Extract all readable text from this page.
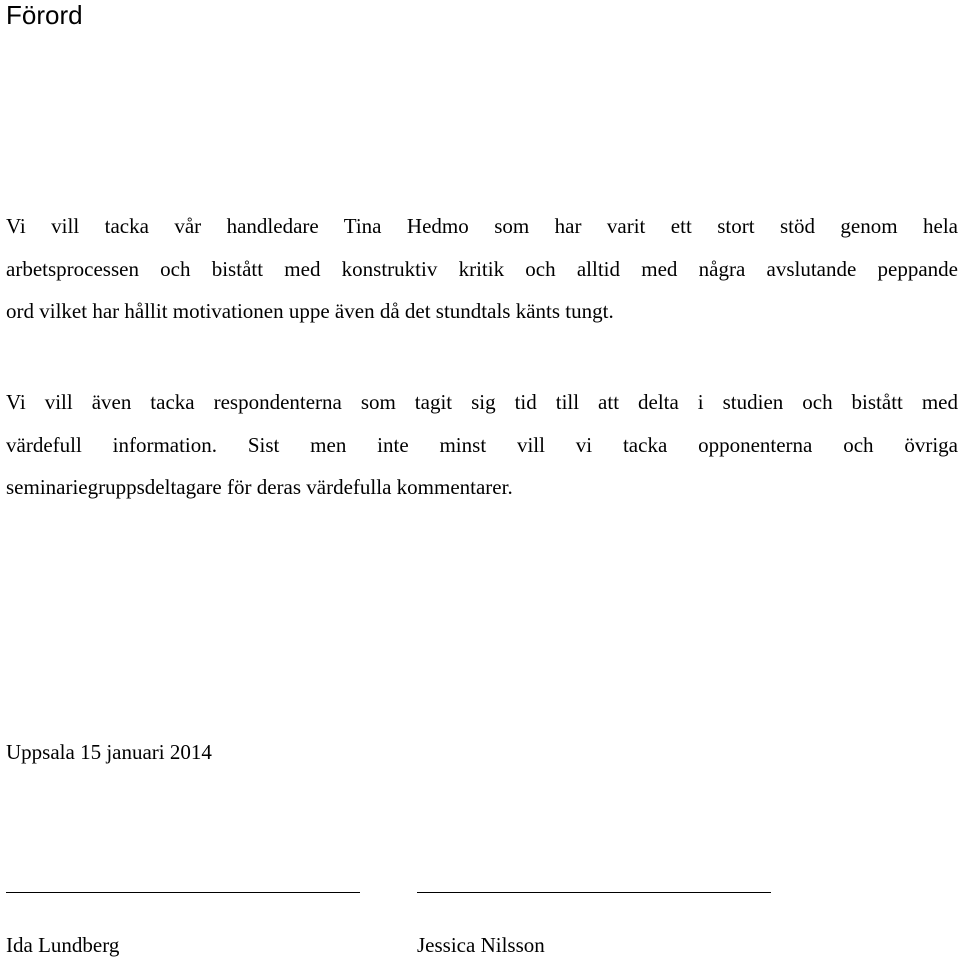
Förord
Vi vill tacka vår handledare Tina Hedmo som har varit ett stort stöd genom hela
arbetsprocessen och bistått med konstruktiv kritik och alltid med några avslutande peppande
ord vilket har hållit motivationen uppe även då det stundtals känts tungt.
Vi vill även tacka respondenterna som tagit sig tid till att delta i studien och bistått med
värdefull information. Sist men inte minst vill vi tacka opponenterna och övriga
seminariegruppsdeltagare för deras värdefulla kommentarer.

Uppsala 15 januari 2014

Ida Lundberg	Jessica Nilsson
